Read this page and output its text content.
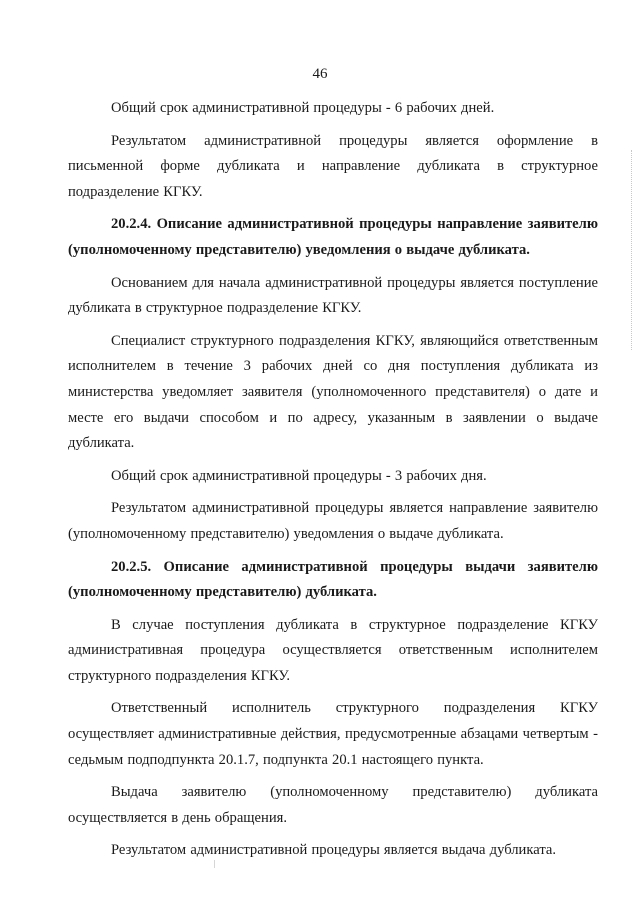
46

Общий срок административной процедуры - 6 рабочих дней.

Результатом административной процедуры является оформление в письменной форме дубликата и направление дубликата в структурное подразделение КГКУ.

20.2.4. Описание административной процедуры направление заявителю (уполномоченному представителю) уведомления о выдаче дубликата.

Основанием для начала административной процедуры является поступление дубликата в структурное подразделение КГКУ.

Специалист структурного подразделения КГКУ, являющийся ответственным исполнителем в течение 3 рабочих дней со дня поступления дубликата из министерства уведомляет заявителя (уполномоченного представителя) о дате и месте его выдачи способом и по адресу, указанным в заявлении о выдаче дубликата.

Общий срок административной процедуры - 3 рабочих дня.

Результатом административной процедуры является направление заявителю (уполномоченному представителю) уведомления о выдаче дубликата.

20.2.5. Описание административной процедуры выдачи заявителю (уполномоченному представителю) дубликата.

В случае поступления дубликата в структурное подразделение КГКУ административная процедура осуществляется ответственным исполнителем структурного подразделения КГКУ.

Ответственный исполнитель структурного подразделения КГКУ осуществляет административные действия, предусмотренные абзацами четвертым - седьмым подподпункта 20.1.7, подпункта 20.1 настоящего пункта.

Выдача заявителю (уполномоченному представителю) дубликата осуществляется в день обращения.

Результатом административной процедуры является выдача дубликата.
